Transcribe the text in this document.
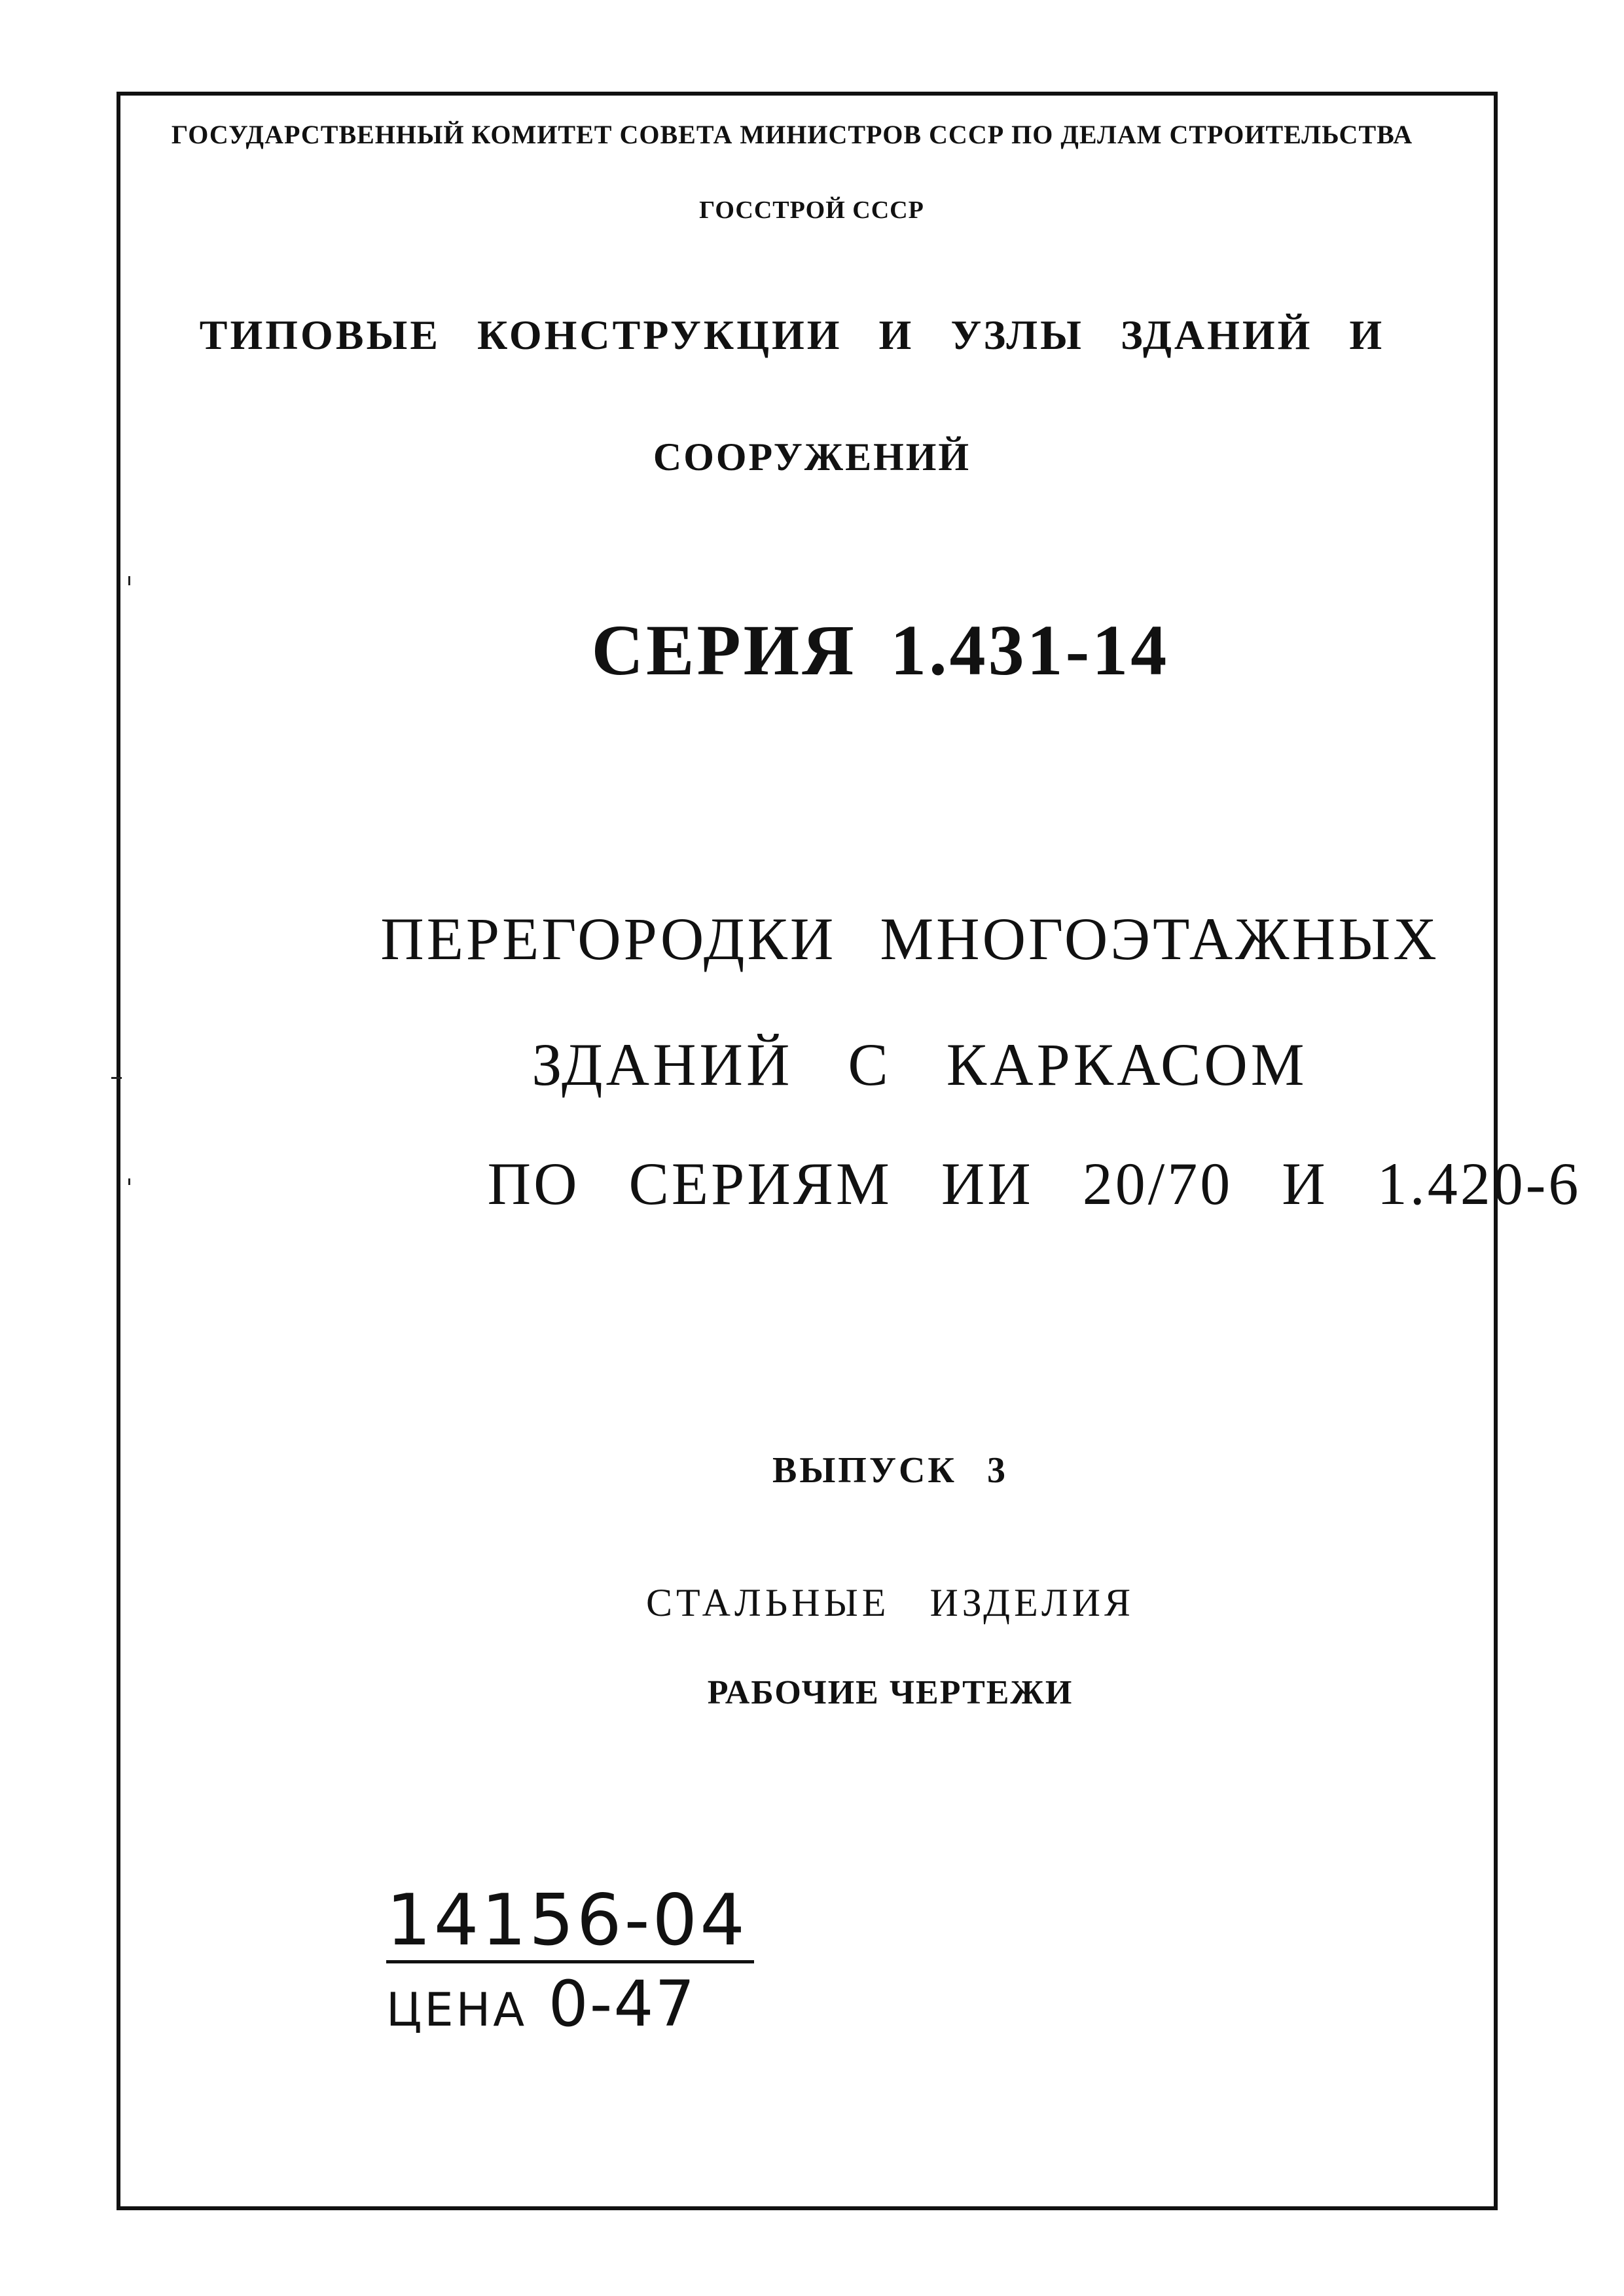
ГОСУДАРСТВЕННЫЙ КОМИТЕТ СОВЕТА МИНИСТРОВ СССР ПО ДЕЛАМ СТРОИТЕЛЬСТВА
ГОССТРОЙ СССР
ТИПОВЫЕ КОНСТРУКЦИИ И УЗЛЫ ЗДАНИЙ И
СООРУЖЕНИЙ
СЕРИЯ 1.431-14
ПЕРЕГОРОДКИ МНОГОЭТАЖНЫХ
ЗДАНИЙ С КАРКАСОМ
ПО СЕРИЯМ ИИ 20/70 И 1.420-6
ВЫПУСК 3
СТАЛЬНЫЕ ИЗДЕЛИЯ
РАБОЧИЕ ЧЕРТЕЖИ
14156-04
ЦЕНА 0-47
